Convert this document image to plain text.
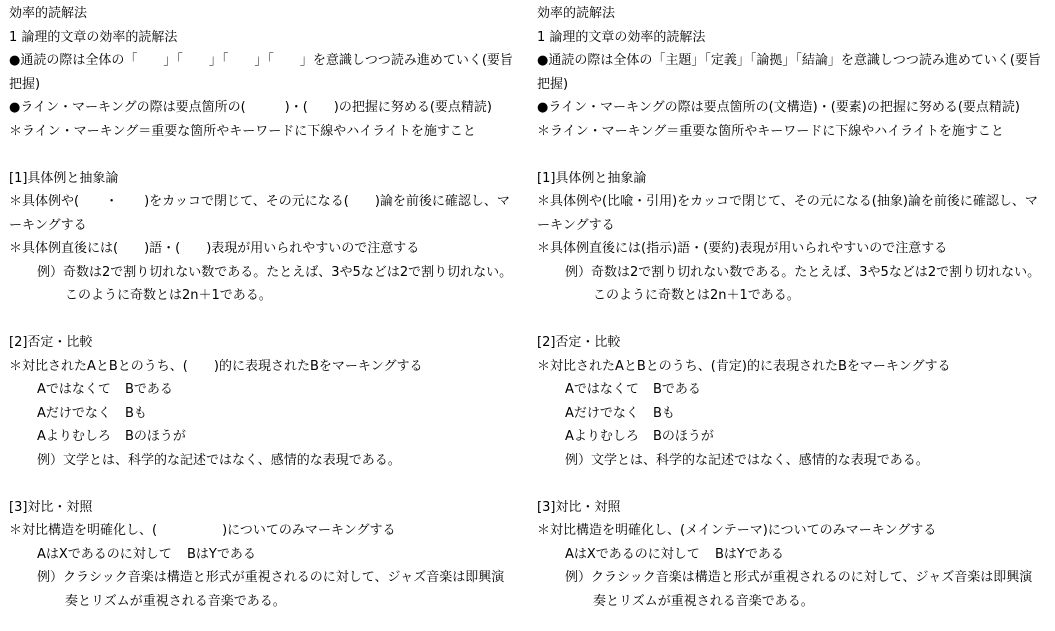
効率的読解法
1 論理的文章の効率的読解法
●通読の際は全体の「　　」「　　」「　　」「　　」を意識しつつ読み進めていく(要旨
把握)
●ライン・マーキングの際は要点箇所の(　　　)・(　　)の把握に努める(要点精読)
＊ライン・マーキング＝重要な箇所やキーワードに下線やハイライトを施すこと
[1]具体例と抽象論
＊具体例や(　　・　　)をカッコで閉じて、その元になる(　　)論を前後に確認し、マ
ーキングする
＊具体例直後には(　　)語・(　　)表現が用いられやすいので注意する
例）奇数は2で割り切れない数である。たとえば、3や5などは2で割り切れない。
このように奇数とは2n＋1である。
[2]否定・比較
＊対比されたAとBとのうち、(　　)的に表現されたBをマーキングする
Aではなくて Bである
Aだけでなく Bも
Aよりむしろ Bのほうが
例）文学とは、科学的な記述ではなく、感情的な表現である。
[3]対比・対照
＊対比構造を明確化し、(　　　　　)についてのみマーキングする
AはXであるのに対して BはYである
例）クラシック音楽は構造と形式が重視されるのに対して、ジャズ音楽は即興演
奏とリズムが重視される音楽である。
効率的読解法
1 論理的文章の効率的読解法
●通読の際は全体の「主題」「定義」「論拠」「結論」を意識しつつ読み進めていく(要旨
把握)
●ライン・マーキングの際は要点箇所の(文構造)・(要素)の把握に努める(要点精読)
＊ライン・マーキング＝重要な箇所やキーワードに下線やハイライトを施すこと
[1]具体例と抽象論
＊具体例や(比喩・引用)をカッコで閉じて、その元になる(抽象)論を前後に確認し、マ
ーキングする
＊具体例直後には(指示)語・(要約)表現が用いられやすいので注意する
例）奇数は2で割り切れない数である。たとえば、3や5などは2で割り切れない。
このように奇数とは2n＋1である。
[2]否定・比較
＊対比されたAとBとのうち、(肯定)的に表現されたBをマーキングする
Aではなくて Bである
Aだけでなく Bも
Aよりむしろ Bのほうが
例）文学とは、科学的な記述ではなく、感情的な表現である。
[3]対比・対照
＊対比構造を明確化し、(メインテーマ)についてのみマーキングする
AはXであるのに対して BはYである
例）クラシック音楽は構造と形式が重視されるのに対して、ジャズ音楽は即興演
奏とリズムが重視される音楽である。
